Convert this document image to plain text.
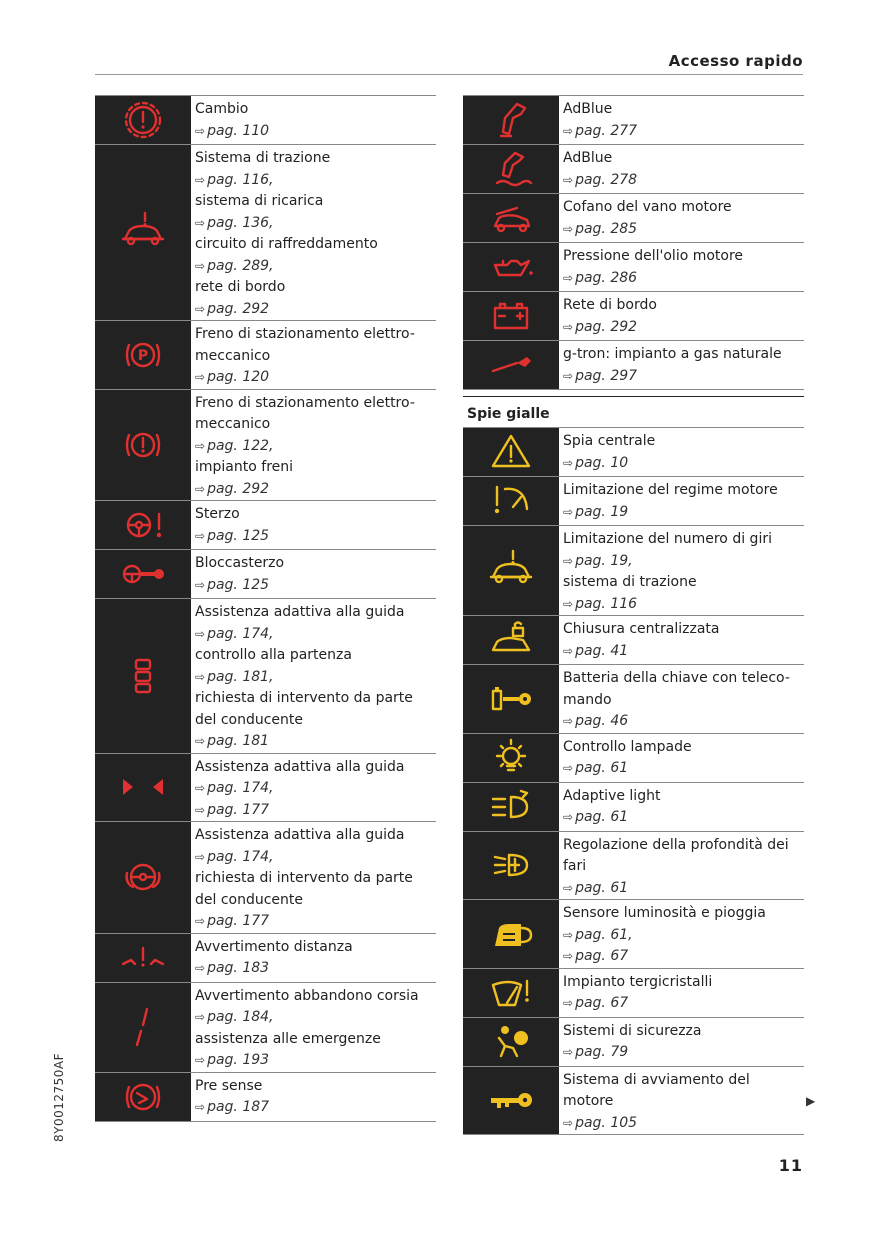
Accesso rapido
8Y0012750AF
11
▶
Cambio
⇨ pag. 110
Sistema di trazione
⇨ pag. 116,
sistema di ricarica
⇨ pag. 136,
circuito di raffreddamento
⇨ pag. 289,
rete di bordo
⇨ pag. 292
P
Freno di stazionamento elettro-
meccanico
⇨ pag. 120
Freno di stazionamento elettro-
meccanico
⇨ pag. 122,
impianto freni
⇨ pag. 292
Sterzo
⇨ pag. 125
Bloccasterzo
⇨ pag. 125
Assistenza adattiva alla guida
⇨ pag. 174,
controllo alla partenza
⇨ pag. 181,
richiesta di intervento da parte
del conducente
⇨ pag. 181
Assistenza adattiva alla guida
⇨ pag. 174,
⇨ pag. 177
Assistenza adattiva alla guida
⇨ pag. 174,
richiesta di intervento da parte
del conducente
⇨ pag. 177
Avvertimento distanza
⇨ pag. 183
Avvertimento abbandono corsia
⇨ pag. 184,
assistenza alle emergenze
⇨ pag. 193
Pre sense
⇨ pag. 187
AdBlue
⇨ pag. 277
AdBlue
⇨ pag. 278
Cofano del vano motore
⇨ pag. 285
Pressione dell'olio motore
⇨ pag. 286
Rete di bordo
⇨ pag. 292
g-tron: impianto a gas naturale
⇨ pag. 297
Spie gialle
Spia centrale
⇨ pag. 10
Limitazione del regime motore
⇨ pag. 19
Limitazione del numero di giri
⇨ pag. 19,
sistema di trazione
⇨ pag. 116
Chiusura centralizzata
⇨ pag. 41
Batteria della chiave con teleco-
mando
⇨ pag. 46
Controllo lampade
⇨ pag. 61
Adaptive light
⇨ pag. 61
Regolazione della profondità dei
fari
⇨ pag. 61
Sensore luminosità e pioggia
⇨ pag. 61,
⇨ pag. 67
Impianto tergicristalli
⇨ pag. 67
Sistemi di sicurezza
⇨ pag. 79
Sistema di avviamento del motore
⇨ pag. 105
